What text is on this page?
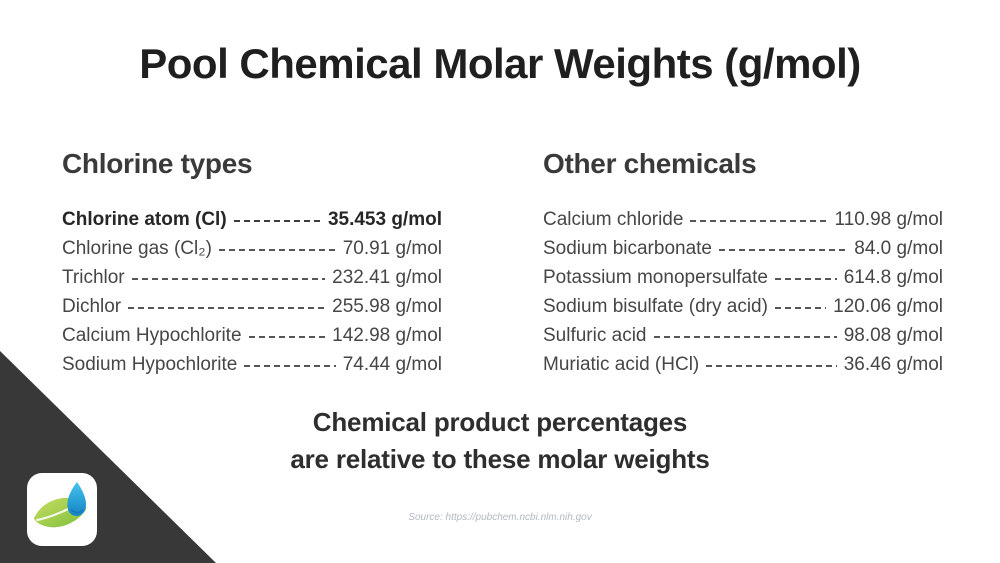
Pool Chemical Molar Weights (g/mol)
Chlorine types
Chlorine atom (Cl)	35.453 g/mol
Chlorine gas (Cl₂)	70.91 g/mol
Trichlor	232.41 g/mol
Dichlor	255.98 g/mol
Calcium Hypochlorite	142.98 g/mol
Sodium Hypochlorite	74.44 g/mol
Other chemicals
Calcium chloride	110.98 g/mol
Sodium bicarbonate	84.0 g/mol
Potassium monopersulfate	614.8 g/mol
Sodium bisulfate (dry acid)	120.06 g/mol
Sulfuric acid	98.08 g/mol
Muriatic acid (HCl)	36.46 g/mol
Chemical product percentages
are relative to these molar weights
Source: https://pubchem.ncbi.nlm.nih.gov
